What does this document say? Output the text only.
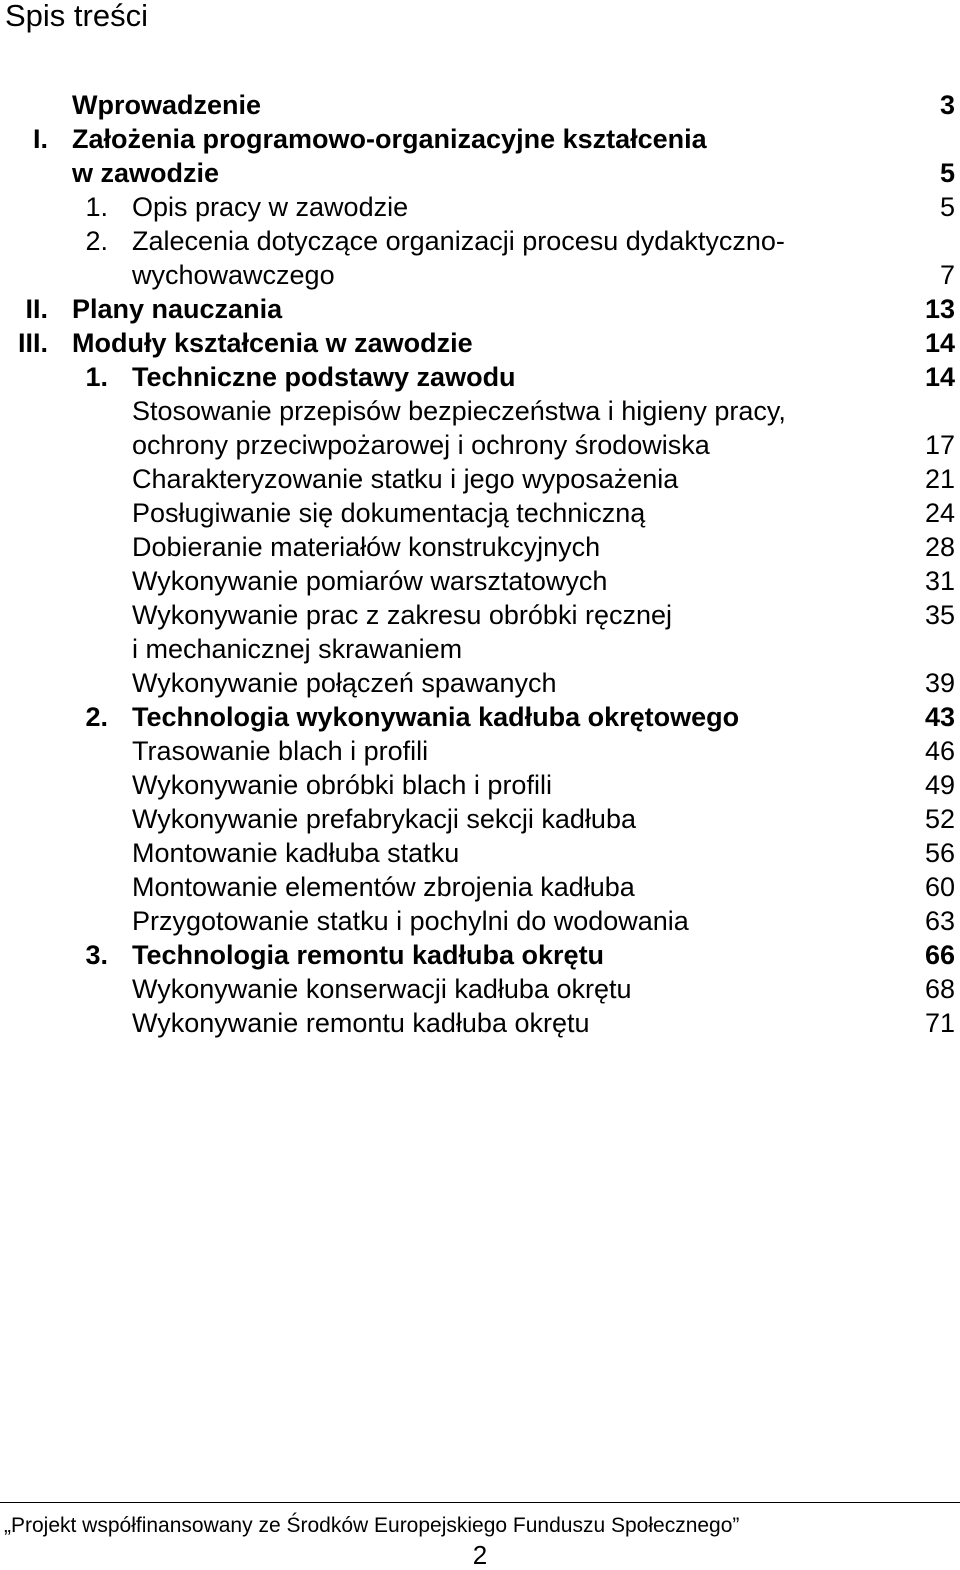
Spis treści
Wprowadzenie	3
I. Założenia programowo-organizacyjne kształcenia
w zawodzie	5
1. Opis pracy w zawodzie	5
2. Zalecenia dotyczące organizacji procesu dydaktyczno-
wychowawczego	7
II. Plany nauczania	13
III. Moduły kształcenia w zawodzie	14
1. Techniczne podstawy zawodu	14
Stosowanie przepisów bezpieczeństwa i higieny pracy,
ochrony przeciwpożarowej i ochrony środowiska	17
Charakteryzowanie statku i jego wyposażenia	21
Posługiwanie się dokumentacją techniczną	24
Dobieranie materiałów konstrukcyjnych	28
Wykonywanie pomiarów warsztatowych	31
Wykonywanie prac z zakresu obróbki ręcznej	35
i mechanicznej skrawaniem
Wykonywanie połączeń spawanych	39
2. Technologia wykonywania kadłuba okrętowego	43
Trasowanie blach i profili	46
Wykonywanie obróbki blach i profili	49
Wykonywanie prefabrykacji sekcji kadłuba	52
Montowanie kadłuba statku	56
Montowanie elementów zbrojenia kadłuba	60
Przygotowanie statku i pochylni do wodowania	63
3. Technologia remontu kadłuba okrętu	66
Wykonywanie konserwacji kadłuba okrętu	68
Wykonywanie remontu kadłuba okrętu	71
„Projekt współfinansowany ze Środków Europejskiego Funduszu Społecznego”
2
